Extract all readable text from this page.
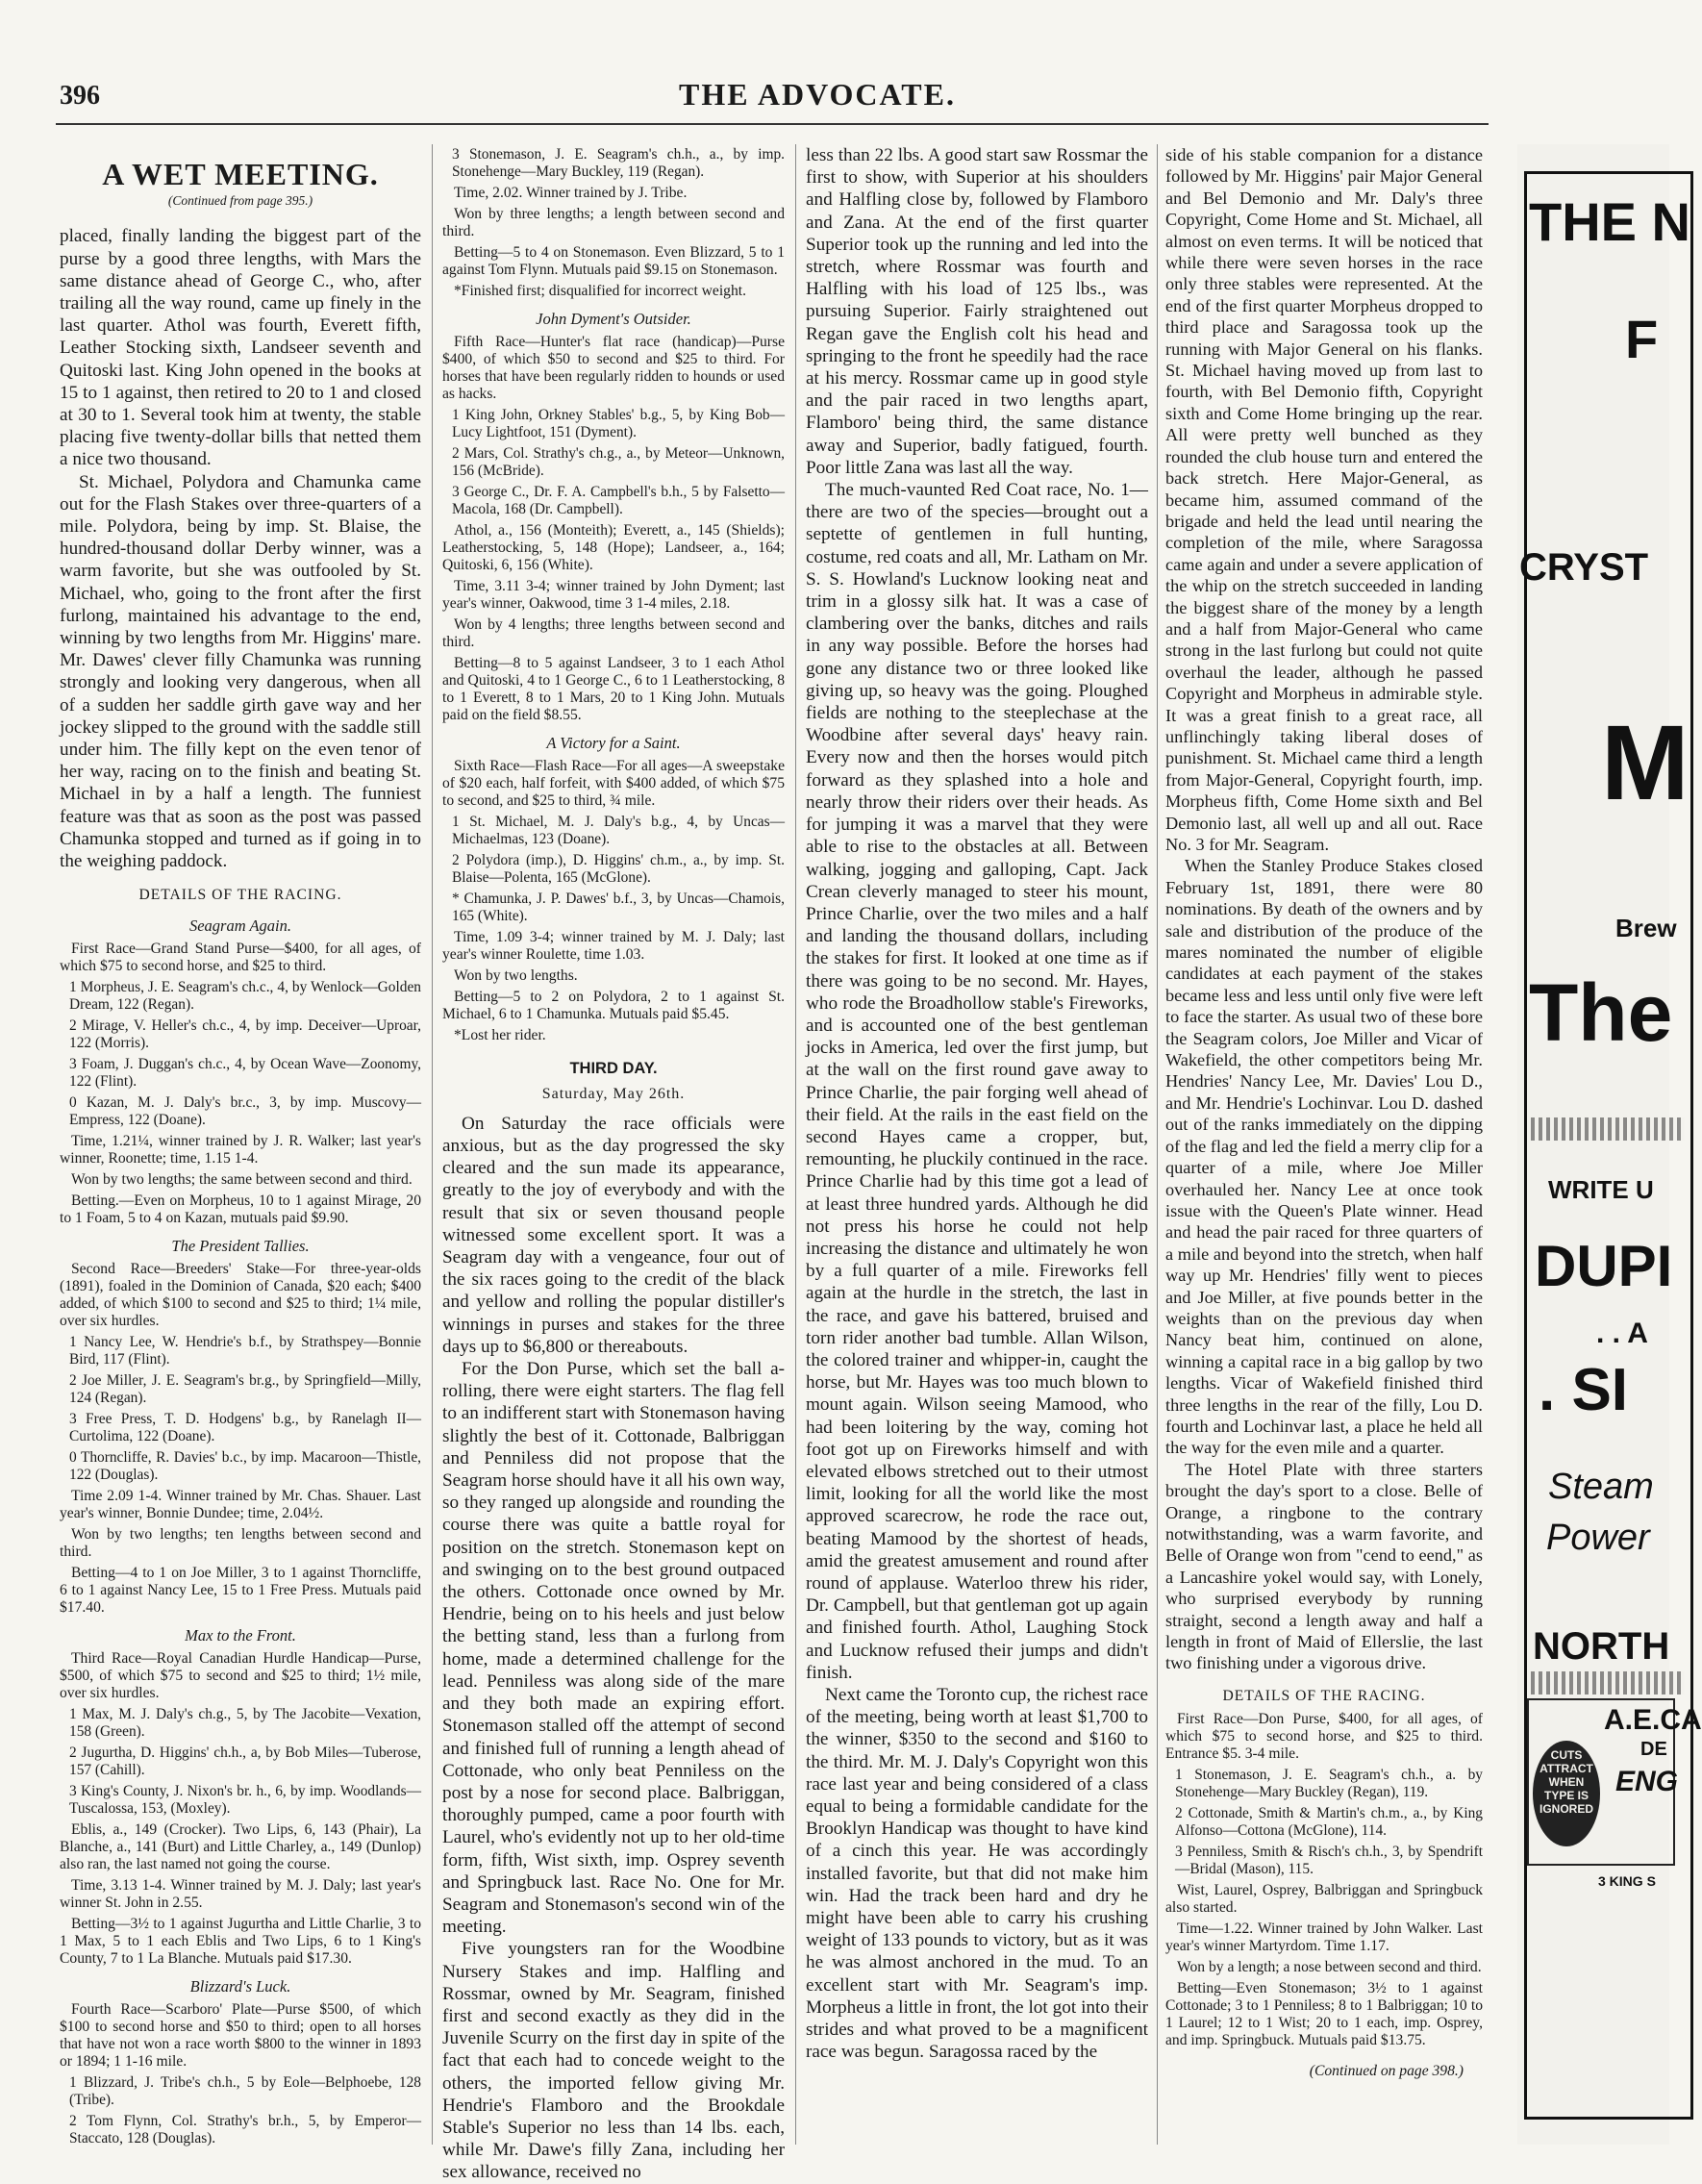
396	THE ADVOCATE.
A WET MEETING.
(Continued from page 395.)

placed, finally landing the biggest part of the purse by a good three lengths, with Mars the same distance ahead of George C., who, after trailing all the way round, came up finely in the last quarter. Athol was fourth, Everett fifth, Leather Stocking sixth, Landseer seventh and Quitoski last. King John opened in the books at 15 to 1 against, then retired to 20 to 1 and closed at 30 to 1. Several took him at twenty, the stable placing five twenty-dollar bills that netted them a nice two thousand.

St. Michael, Polydora and Chamunka came out for the Flash Stakes over three-quarters of a mile. Polydora, being by imp. St. Blaise, the hundred-thousand dollar Derby winner, was a warm favorite, but she was outfooled by St. Michael, who, going to the front after the first furlong, maintained his advantage to the end, winning by two lengths from Mr. Higgins' mare. Mr. Dawes' clever filly Chamunka was running strongly and looking very dangerous, when all of a sudden her saddle girth gave way and her jockey slipped to the ground with the saddle still under him. The filly kept on the even tenor of her way, racing on to the finish and beating St. Michael in by a half a length. The funniest feature was that as soon as the post was passed Chamunka stopped and turned as if going in to the weighing paddock.

DETAILS OF THE RACING.
Seagram Again.

First Race—Grand Stand Purse—$400, for all ages, of which $75 to second horse, and $25 to third.

1 Morpheus, J. E. Seagram's ch.c., 4, by Wenlock—Golden Dream, 122 (Regan).

2 Mirage, V. Heller's ch.c., 4, by imp. Deceiver—Uproar, 122 (Morris).

3 Foam, J. Duggan's ch.c., 4, by Ocean Wave—Zoonomy, 122 (Flint).

0 Kazan, M. J. Daly's br.c., 3, by imp. Muscovy—Empress, 122 (Doane).

Time, 1.21¼, winner trained by J. R. Walker; last year's winner, Roonette; time, 1.15 1-4.

Won by two lengths; the same between second and third.

Betting.—Even on Morpheus, 10 to 1 against Mirage, 20 to 1 Foam, 5 to 4 on Kazan, mutuals paid $9.90.

The President Tallies.

Second Race—Breeders' Stake—For three-year-olds (1891), foaled in the Dominion of Canada, $20 each; $400 added, of which $100 to second and $25 to third; 1¼ mile, over six hurdles.

1 Nancy Lee, W. Hendrie's b.f., by Strathspey—Bonnie Bird, 117 (Flint).

2 Joe Miller, J. E. Seagram's br.g., by Springfield—Milly, 124 (Regan).

3 Free Press, T. D. Hodgens' b.g., by Ranelagh II—Curtolima, 122 (Doane).

0 Thorncliffe, R. Davies' b.c., by imp. Macaroon—Thistle, 122 (Douglas).

Time 2.09 1-4. Winner trained by Mr. Chas. Shauer. Last year's winner, Bonnie Dundee; time, 2.04½.

Won by two lengths; ten lengths between second and third.

Betting—4 to 1 on Joe Miller, 3 to 1 against Thorncliffe, 6 to 1 against Nancy Lee, 15 to 1 Free Press. Mutuals paid $17.40.

Max to the Front.

Third Race—Royal Canadian Hurdle Handicap—Purse, $500, of which $75 to second and $25 to third; 1½ mile, over six hurdles.

1 Max, M. J. Daly's ch.g., 5, by The Jacobite—Vexation, 158 (Green).

2 Jugurtha, D. Higgins' ch.h., a, by Bob Miles—Tuberose, 157 (Cahill).

3 King's County, J. Nixon's br. h., 6, by imp. Woodlands—Tuscalossa, 153, (Moxley).

Eblis, a., 149 (Crocker). Two Lips, 6, 143 (Phair), La Blanche, a., 141 (Burt) and Little Charley, a., 149 (Dunlop) also ran, the last named not going the course.

Time, 3.13 1-4. Winner trained by M. J. Daly; last year's winner St. John in 2.55.

Betting—3½ to 1 against Jugurtha and Little Charlie, 3 to 1 Max, 5 to 1 each Eblis and Two Lips, 6 to 1 King's County, 7 to 1 La Blanche. Mutuals paid $17.30.

Blizzard's Luck.

Fourth Race—Scarboro' Plate—Purse $500, of which $100 to second horse and $50 to third; open to all horses that have not won a race worth $800 to the winner in 1893 or 1894; 1 1-16 mile.

1 Blizzard, J. Tribe's ch.h., 5 by Eole—Belphoebe, 128 (Tribe).

2 Tom Flynn, Col. Strathy's br.h., 5, by Emperor—Staccato, 128 (Douglas).

3 Stonemason, J. E. Seagram's ch.h., a., by imp. Stonehenge—Mary Buckley, 119 (Regan).

Time, 2.02. Winner trained by J. Tribe.

Won by three lengths; a length between second and third.

Betting—5 to 4 on Stonemason. Even Blizzard, 5 to 1 against Tom Flynn. Mutuals paid $9.15 on Stonemason.

*Finished first; disqualified for incorrect weight.

John Dyment's Outsider.

Fifth Race—Hunter's flat race (handicap)—Purse $400, of which $50 to second and $25 to third. For horses that have been regularly ridden to hounds or used as hacks.

1 King John, Orkney Stables' b.g., 5, by King Bob—Lucy Lightfoot, 151 (Dyment).

2 Mars, Col. Strathy's ch.g., a., by Meteor—Unknown, 156 (McBride).

3 George C., Dr. F. A. Campbell's b.h., 5 by Falsetto—Macola, 168 (Dr. Campbell).

Athol, a., 156 (Monteith); Everett, a., 145 (Shields); Leatherstocking, 5, 148 (Hope); Landseer, a., 164; Quitoski, 6, 156 (White).

Time, 3.11 3-4; winner trained by John Dyment; last year's winner, Oakwood, time 3 1-4 miles, 2.18.

Won by 4 lengths; three lengths between second and third.

Betting—8 to 5 against Landseer, 3 to 1 each Athol and Quitoski, 4 to 1 George C., 6 to 1 Leatherstocking, 8 to 1 Everett, 8 to 1 Mars, 20 to 1 King John. Mutuals paid on the field $8.55.

A Victory for a Saint.

Sixth Race—Flash Race—For all ages—A sweepstake of $20 each, half forfeit, with $400 added, of which $75 to second, and $25 to third, ¾ mile.

1 St. Michael, M. J. Daly's b.g., 4, by Uncas—Michaelmas, 123 (Doane).

2 Polydora (imp.), D. Higgins' ch.m., a., by imp. St. Blaise—Polenta, 165 (McGlone).

* Chamunka, J. P. Dawes' b.f., 3, by Uncas—Chamois, 165 (White).

Time, 1.09 3-4; winner trained by M. J. Daly; last year's winner Roulette, time 1.03.

Won by two lengths.

Betting—5 to 2 on Polydora, 2 to 1 against St. Michael, 6 to 1 Chamunka. Mutuals paid $5.45.

*Lost her rider.

THIRD DAY.
Saturday, May 26th.

On Saturday the race officials were anxious, but as the day progressed the sky cleared and the sun made its appearance, greatly to the joy of everybody and with the result that six or seven thousand people witnessed some excellent sport. It was a Seagram day with a vengeance, four out of the six races going to the credit of the black and yellow and rolling the popular distiller's winnings in purses and stakes for the three days up to $6,800 or thereabouts.

For the Don Purse, which set the ball a-rolling, there were eight starters. The flag fell to an indifferent start with Stonemason having slightly the best of it. Cottonade, Balbriggan and Penniless did not propose that the Seagram horse should have it all his own way, so they ranged up alongside and rounding the course there was quite a battle royal for position on the stretch. Stonemason kept on and swinging on to the best ground outpaced the others. Cottonade once owned by Mr. Hendrie, being on to his heels and just below the betting stand, less than a furlong from home, made a determined challenge for the lead. Penniless was along side of the mare and they both made an expiring effort. Stonemason stalled off the attempt of second and finished full of running a length ahead of Cottonade, who only beat Penniless on the post by a nose for second place. Balbriggan, thoroughly pumped, came a poor fourth with Laurel, who's evidently not up to her old-time form, fifth, Wist sixth, imp. Osprey seventh and Springbuck last. Race No. One for Mr. Seagram and Stonemason's second win of the meeting.

Five youngsters ran for the Woodbine Nursery Stakes and imp. Halfling and Rossmar, owned by Mr. Seagram, finished first and second exactly as they did in the Juvenile Scurry on the first day in spite of the fact that each had to concede weight to the others, the imported fellow giving Mr. Hendrie's Flamboro and the Brookdale Stable's Superior no less than 14 lbs. each, while Mr. Dawe's filly Zana, including her sex allowance, received no

less than 22 lbs. A good start saw Rossmar the first to show, with Superior at his shoulders and Halfling close by, followed by Flamboro and Zana. At the end of the first quarter Superior took up the running and led into the stretch, where Rossmar was fourth and Halfling with his load of 125 lbs., was pursuing Superior. Fairly straightened out Regan gave the English colt his head and springing to the front he speedily had the race at his mercy. Rossmar came up in good style and the pair raced in two lengths apart, Flamboro' being third, the same distance away and Superior, badly fatigued, fourth. Poor little Zana was last all the way.

The much-vaunted Red Coat race, No. 1—there are two of the species—brought out a septette of gentlemen in full hunting, costume, red coats and all, Mr. Latham on Mr. S. S. Howland's Lucknow looking neat and trim in a glossy silk hat. It was a case of clambering over the banks, ditches and rails in any way possible. Before the horses had gone any distance two or three looked like giving up, so heavy was the going. Ploughed fields are nothing to the steeplechase at the Woodbine after several days' heavy rain. Every now and then the horses would pitch forward as they splashed into a hole and nearly throw their riders over their heads. As for jumping it was a marvel that they were able to rise to the obstacles at all. Between walking, jogging and galloping, Capt. Jack Crean cleverly managed to steer his mount, Prince Charlie, over the two miles and a half and landing the thousand dollars, including the stakes for first. It looked at one time as if there was going to be no second. Mr. Hayes, who rode the Broadhollow stable's Fireworks, and is accounted one of the best gentleman jocks in America, led over the first jump, but at the wall on the first round gave away to Prince Charlie, the pair forging well ahead of their field. At the rails in the east field on the second Hayes came a cropper, but, remounting, he pluckily continued in the race. Prince Charlie had by this time got a lead of at least three hundred yards. Although he did not press his horse he could not help increasing the distance and ultimately he won by a full quarter of a mile. Fireworks fell again at the hurdle in the stretch, the last in the race, and gave his battered, bruised and torn rider another bad tumble. Allan Wilson, the colored trainer and whipper-in, caught the horse, but Mr. Hayes was too much blown to mount again. Wilson seeing Mamood, who had been loitering by the way, coming hot foot got up on Fireworks himself and with elevated elbows stretched out to their utmost limit, looking for all the world like the most approved scarecrow, he rode the race out, beating Mamood by the shortest of heads, amid the greatest amusement and round after round of applause. Waterloo threw his rider, Dr. Campbell, but that gentleman got up again and finished fourth. Athol, Laughing Stock and Lucknow refused their jumps and didn't finish.

Next came the Toronto cup, the richest race of the meeting, being worth at least $1,700 to the winner, $350 to the second and $160 to the third. Mr. M. J. Daly's Copyright won this race last year and being considered of a class equal to being a formidable candidate for the Brooklyn Handicap was thought to have kind of a cinch this year. He was accordingly installed favorite, but that did not make him win. Had the track been hard and dry he might have been able to carry his crushing weight of 133 pounds to victory, but as it was he was almost anchored in the mud. To an excellent start with Mr. Seagram's imp. Morpheus a little in front, the lot got into their strides and what proved to be a magnificent race was begun. Saragossa raced by the

side of his stable companion for a distance followed by Mr. Higgins' pair Major General and Bel Demonio and Mr. Daly's three Copyright, Come Home and St. Michael, all almost on even terms. It will be noticed that while there were seven horses in the race only three stables were represented. At the end of the first quarter Morpheus dropped to third place and Saragossa took up the running with Major General on his flanks. St. Michael having moved up from last to fourth, with Bel Demonio fifth, Copyright sixth and Come Home bringing up the rear. All were pretty well bunched as they rounded the club house turn and entered the back stretch. Here Major-General, as became him, assumed command of the brigade and held the lead until nearing the completion of the mile, where Saragossa came again and under a severe application of the whip on the stretch succeeded in landing the biggest share of the money by a length and a half from Major-General who came strong in the last furlong but could not quite overhaul the leader, although he passed Copyright and Morpheus in admirable style. It was a great finish to a great race, all unflinchingly taking liberal doses of punishment. St. Michael came third a length from Major-General, Copyright fourth, imp. Morpheus fifth, Come Home sixth and Bel Demonio last, all well up and all out. Race No. 3 for Mr. Seagram.

When the Stanley Produce Stakes closed February 1st, 1891, there were 80 nominations. By death of the owners and by sale and distribution of the produce of the mares nominated the number of eligible candidates at each payment of the stakes became less and less until only five were left to face the starter. As usual two of these bore the Seagram colors, Joe Miller and Vicar of Wakefield, the other competitors being Mr. Hendries' Nancy Lee, Mr. Davies' Lou D., and Mr. Hendrie's Lochinvar. Lou D. dashed out of the ranks immediately on the dipping of the flag and led the field a merry clip for a quarter of a mile, where Joe Miller overhauled her. Nancy Lee at once took issue with the Queen's Plate winner. Head and head the pair raced for three quarters of a mile and beyond into the stretch, when half way up Mr. Hendries' filly went to pieces and Joe Miller, at five pounds better in the weights than on the previous day when Nancy beat him, continued on alone, winning a capital race in a big gallop by two lengths. Vicar of Wakefield finished third three lengths in the rear of the filly, Lou D. fourth and Lochinvar last, a place he held all the way for the even mile and a quarter.

The Hotel Plate with three starters brought the day's sport to a close. Belle of Orange, a ringbone to the contrary notwithstanding, was a warm favorite, and Belle of Orange won from "cend to eend," as a Lancashire yokel would say, with Lonely, who surprised everybody by running straight, second a length away and half a length in front of Maid of Ellerslie, the last two finishing under a vigorous drive.

DETAILS OF THE RACING.

First Race—Don Purse, $400, for all ages, of which $75 to second horse, and $25 to third. Entrance $5. 3-4 mile.

1 Stonemason, J. E. Seagram's ch.h., a. by Stonehenge—Mary Buckley (Regan), 119.

2 Cottonade, Smith & Martin's ch.m., a., by King Alfonso—Cottona (McGlone), 114.

3 Penniless, Smith & Risch's ch.h., 3, by Spendrift—Bridal (Mason), 115.

Wist, Laurel, Osprey, Balbriggan and Springbuck also started.

Time—1.22. Winner trained by John Walker. Last year's winner Martyrdom. Time 1.17.

Won by a length; a nose between second and third.

Betting—Even Stonemason; 3½ to 1 against Cottonade; 3 to 1 Penniless; 8 to 1 Balbriggan; 10 to 1 Laurel; 12 to 1 Wist; 20 to 1 each, imp. Osprey, and imp. Springbuck. Mutuals paid $13.75.

(Continued on page 398.)
THE N
F
CRYST
M
Brew
The
WRITE U
DUPI
. . A
. SI
Steam
Power
NORTH
CUTS ATTRACT WHEN TYPE IS IGNORED
A.E.CA
DE
ENG
3 KING S
